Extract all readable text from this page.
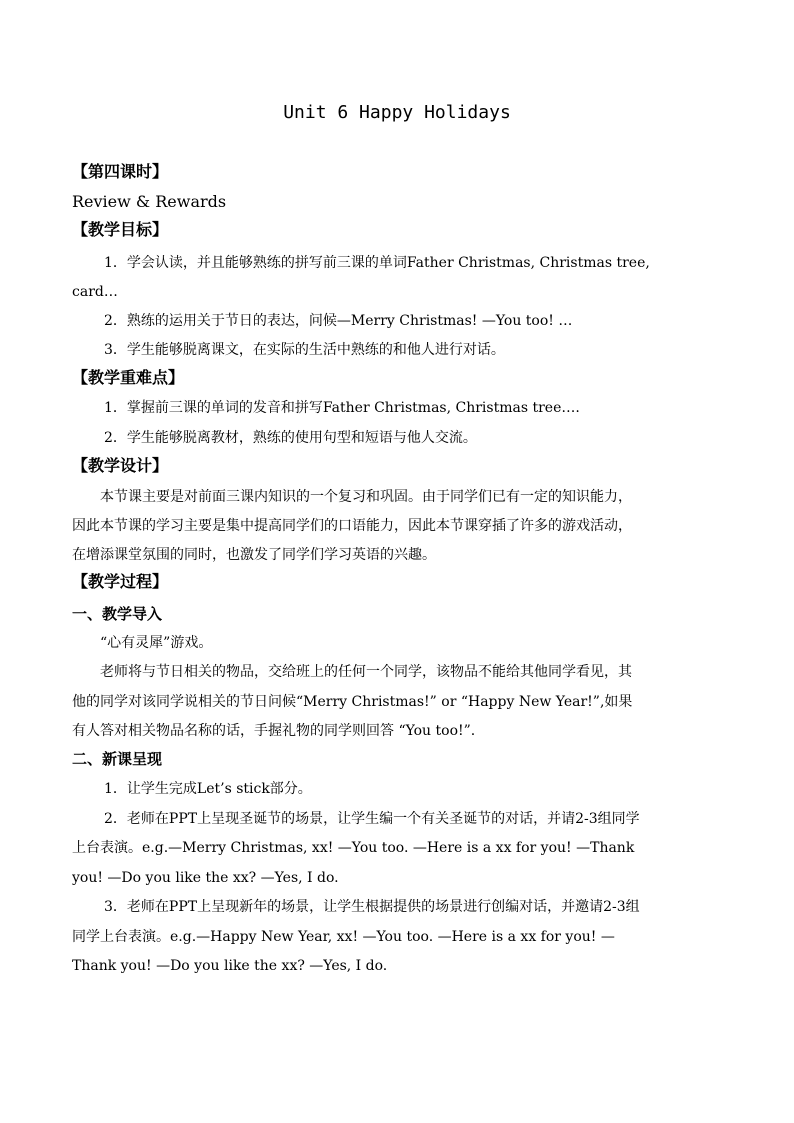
Unit 6 Happy Holidays
【第四课时】
Review & Rewards
【教学目标】
1．学会认读，并且能够熟练的拼写前三课的单词Father Christmas, Christmas tree,
card…
2．熟练的运用关于节日的表达，问候—Merry Christmas! —You too! …
3．学生能够脱离课文，在实际的生活中熟练的和他人进行对话。
【教学重难点】
1．掌握前三课的单词的发音和拼写Father Christmas, Christmas tree….
2．学生能够脱离教材，熟练的使用句型和短语与他人交流。
【教学设计】
本节课主要是对前面三课内知识的一个复习和巩固。由于同学们已有一定的知识能力，
因此本节课的学习主要是集中提高同学们的口语能力，因此本节课穿插了许多的游戏活动，
在增添课堂氛围的同时，也激发了同学们学习英语的兴趣。
【教学过程】
一、教学导入
“心有灵犀”游戏。
老师将与节日相关的物品，交给班上的任何一个同学，该物品不能给其他同学看见，其
他的同学对该同学说相关的节日问候“Merry Christmas!” or “Happy New Year!”,如果
有人答对相关物品名称的话，手握礼物的同学则回答 “You too!”.
二、新课呈现
1．让学生完成Let’s stick部分。
2．老师在PPT上呈现圣诞节的场景，让学生编一个有关圣诞节的对话，并请2-3组同学
上台表演。e.g.—Merry Christmas, xx! —You too. —Here is a xx for you! —Thank
you! —Do you like the xx? —Yes, I do.
3．老师在PPT上呈现新年的场景，让学生根据提供的场景进行创编对话，并邀请2-3组
同学上台表演。e.g.—Happy New Year, xx! —You too. —Here is a xx for you! —
Thank you! —Do you like the xx? —Yes, I do.
